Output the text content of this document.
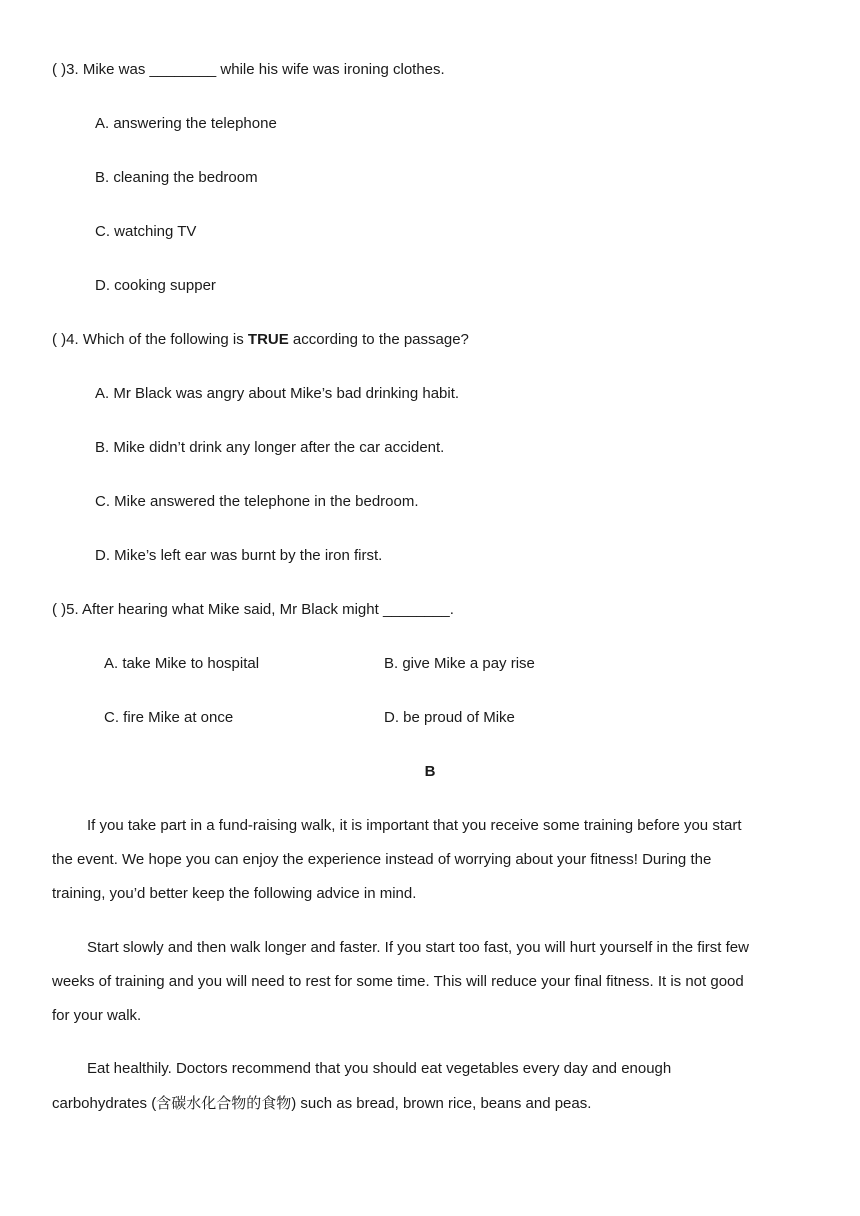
( )3. Mike was ________ while his wife was ironing clothes.
A. answering the telephone
B. cleaning the bedroom
C. watching TV
D. cooking supper
( )4. Which of the following is TRUE according to the passage?
A. Mr Black was angry about Mike’s bad drinking habit.
B. Mike didn’t drink any longer after the car accident.
C. Mike answered the telephone in the bedroom.
D. Mike’s left ear was burnt by the iron first.
( )5. After hearing what Mike said, Mr Black might ________.
A. take Mike to hospital	B. give Mike a pay rise
C. fire Mike at once	D. be proud of Mike
B
If you take part in a fund-raising walk, it is important that you receive some training before you start
the event. We hope you can enjoy the experience instead of worrying about your fitness! During the
training, you’d better keep the following advice in mind.
Start slowly and then walk longer and faster. If you start too fast, you will hurt yourself in the first few
weeks of training and you will need to rest for some time. This will reduce your final fitness. It is not good
for your walk.
Eat healthily. Doctors recommend that you should eat vegetables every day and enough
carbohydrates (含碳水化合物的食物) such as bread, brown rice, beans and peas.
